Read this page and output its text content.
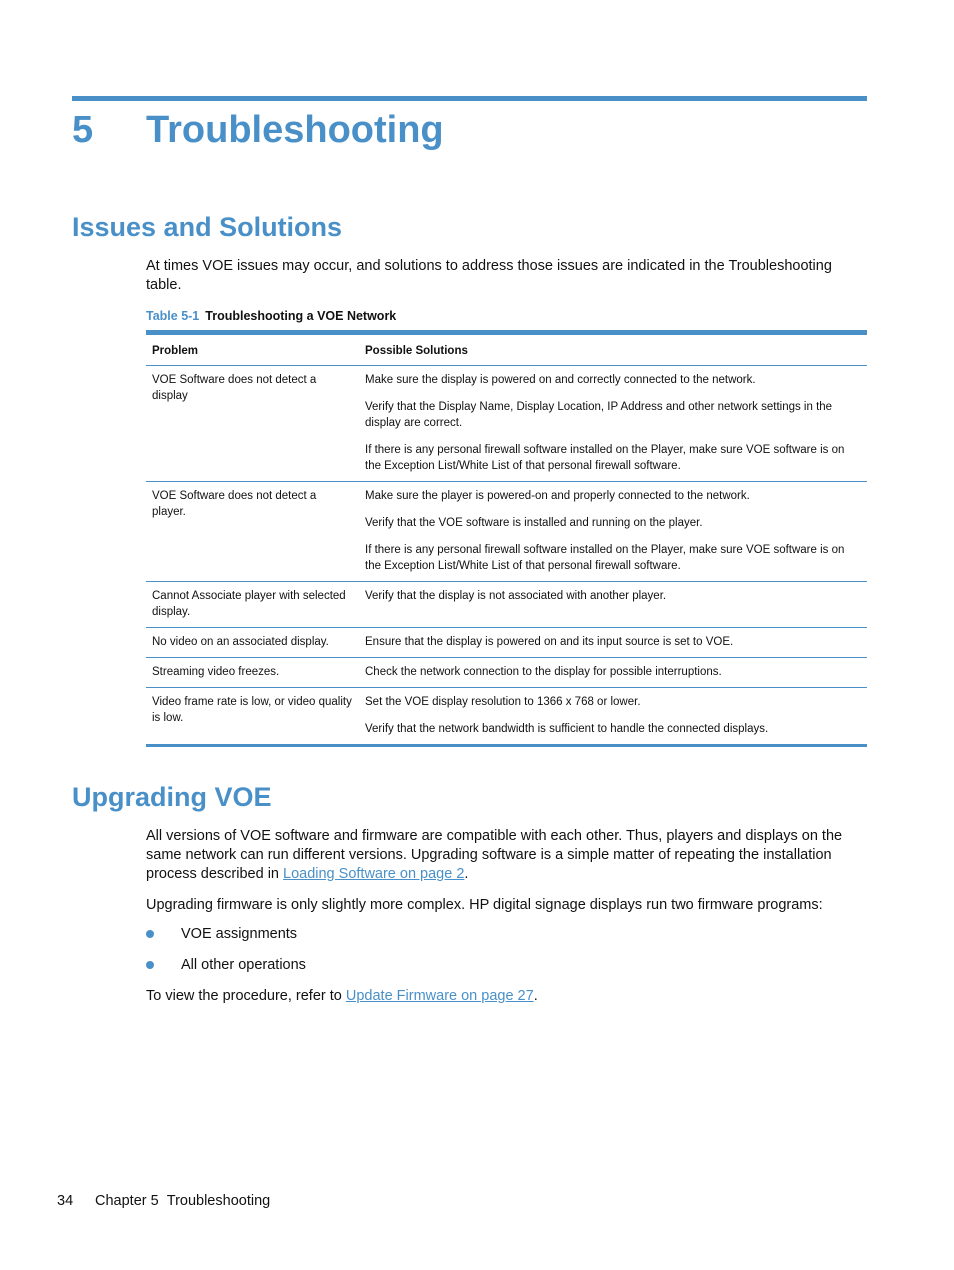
5 Troubleshooting
Issues and Solutions
At times VOE issues may occur, and solutions to address those issues are indicated in the Troubleshooting table.
Table 5-1 Troubleshooting a VOE Network
Problem	Possible Solutions
VOE Software does not detect a display	Make sure the display is powered on and correctly connected to the network.

Verify that the Display Name, Display Location, IP Address and other network settings in the display are correct.

If there is any personal firewall software installed on the Player, make sure VOE software is on the Exception List/White List of that personal firewall software.

VOE Software does not detect a player.	Make sure the player is powered-on and properly connected to the network.

Verify that the VOE software is installed and running on the player.

If there is any personal firewall software installed on the Player, make sure VOE software is on the Exception List/White List of that personal firewall software.

Cannot Associate player with selected display.	Verify that the display is not associated with another player.

No video on an associated display.	Ensure that the display is powered on and its input source is set to VOE.

Streaming video freezes.	Check the network connection to the display for possible interruptions.

Video frame rate is low, or video quality is low.	Set the VOE display resolution to 1366 x 768 or lower.

Verify that the network bandwidth is sufficient to handle the connected displays.

Upgrading VOE
All versions of VOE software and firmware are compatible with each other. Thus, players and displays on the same network can run different versions. Upgrading software is a simple matter of repeating the installation process described in Loading Software on page 2.
Upgrading firmware is only slightly more complex. HP digital signage displays run two firmware programs:
VOE assignments
All other operations
To view the procedure, refer to Update Firmware on page 27.
34 Chapter 5 Troubleshooting
